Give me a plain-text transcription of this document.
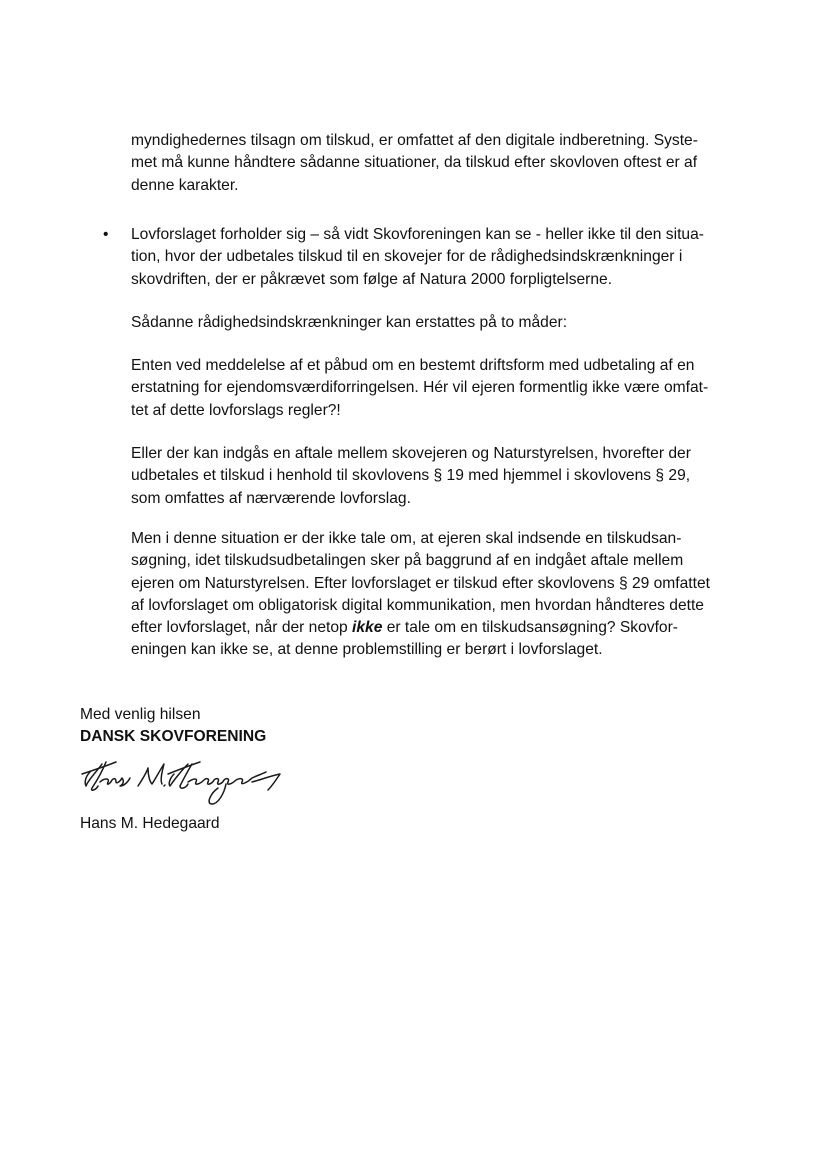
myndighedernes tilsagn om tilskud, er omfattet af den digitale indberetning. Syste-
met må kunne håndtere sådanne situationer, da tilskud efter skovloven oftest er af
denne karakter.
• Lovforslaget forholder sig – så vidt Skovforeningen kan se - heller ikke til den situa-
tion, hvor der udbetales tilskud til en skovejer for de rådighedsindskrænkninger i
skovdriften, der er påkrævet som følge af Natura 2000 forpligtelserne.
Sådanne rådighedsindskrænkninger kan erstattes på to måder:
Enten ved meddelelse af et påbud om en bestemt driftsform med udbetaling af en
erstatning for ejendomsværdiforringelsen. Hér vil ejeren formentlig ikke være omfat-
tet af dette lovforslags regler?!
Eller der kan indgås en aftale mellem skovejeren og Naturstyrelsen, hvorefter der
udbetales et tilskud i henhold til skovlovens § 19 med hjemmel i skovlovens § 29,
som omfattes af nærværende lovforslag.
Men i denne situation er der ikke tale om, at ejeren skal indsende en tilskudsan-
søgning, idet tilskudsudbetalingen sker på baggrund af en indgået aftale mellem
ejeren om Naturstyrelsen. Efter lovforslaget er tilskud efter skovlovens § 29 omfattet
af lovforslaget om obligatorisk digital kommunikation, men hvordan håndteres dette
efter lovforslaget, når der netop ikke er tale om en tilskudsansøgning? Skovfor-
eningen kan ikke se, at denne problemstilling er berørt i lovforslaget.
Med venlig hilsen
DANSK SKOVFORENING
Hans M. Hedegaard
